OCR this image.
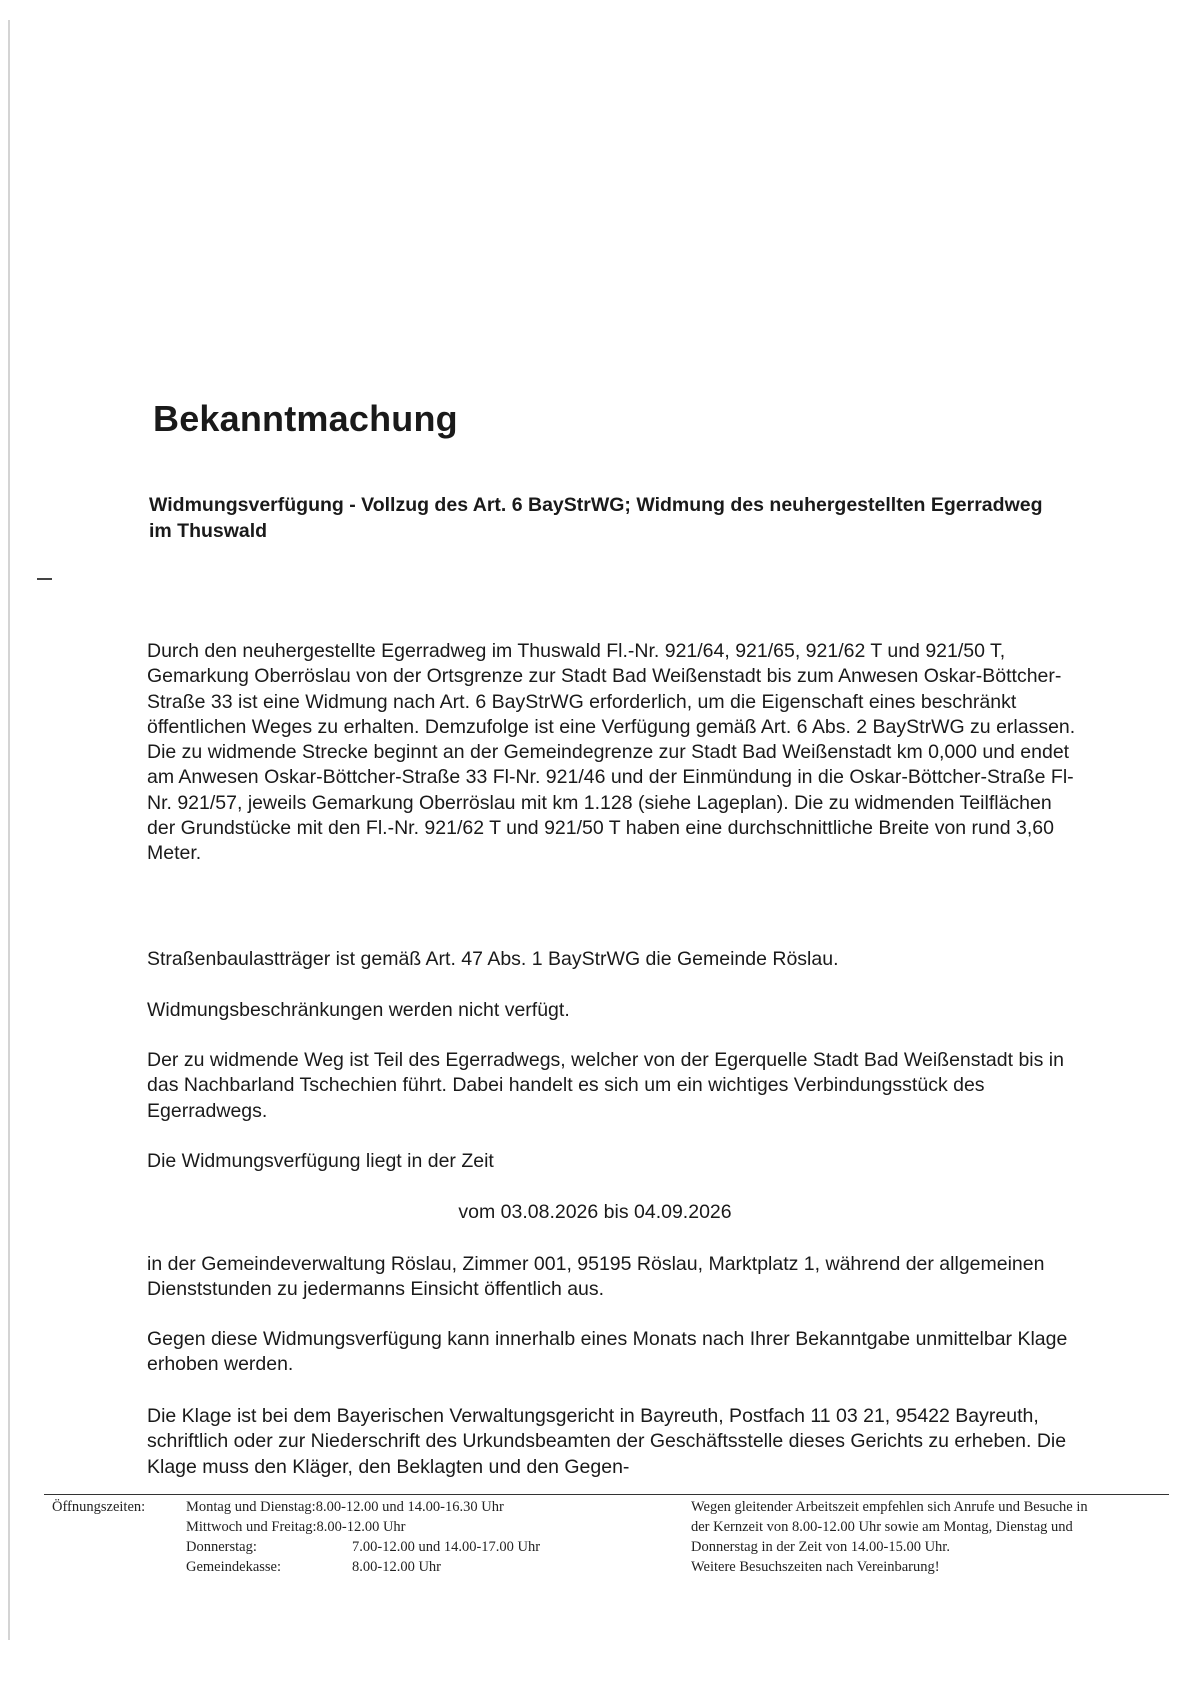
Bekanntmachung

Widmungsverfügung - Vollzug des Art. 6 BayStrWG; Widmung des neuhergestellten Egerradweg im Thuswald

Durch den neuhergestellte Egerradweg im Thuswald Fl.-Nr. 921/64, 921/65, 921/62 T und 921/50 T, Gemarkung Oberröslau von der Ortsgrenze zur Stadt Bad Weißenstadt bis zum Anwesen Oskar-Böttcher-Straße 33 ist eine Widmung nach Art. 6 BayStrWG erforderlich, um die Eigenschaft eines beschränkt öffentlichen Weges zu erhalten. Demzufolge ist eine Verfügung gemäß Art. 6 Abs. 2 BayStrWG zu erlassen. Die zu widmende Strecke beginnt an der Gemeindegrenze zur Stadt Bad Weißenstadt km 0,000 und endet am Anwesen Oskar-Böttcher-Straße 33 Fl-Nr. 921/46 und der Einmündung in die Oskar-Böttcher-Straße Fl-Nr. 921/57, jeweils Gemarkung Oberröslau mit km 1.128 (siehe Lageplan). Die zu widmenden Teilflächen der Grundstücke mit den Fl.-Nr. 921/62 T und 921/50 T haben eine durchschnittliche Breite von rund 3,60 Meter.

Straßenbaulastträger ist gemäß Art. 47 Abs. 1 BayStrWG die Gemeinde Röslau.

Widmungsbeschränkungen werden nicht verfügt.

Der zu widmende Weg ist Teil des Egerradwegs, welcher von der Egerquelle Stadt Bad Weißenstadt bis in das Nachbarland Tschechien führt. Dabei handelt es sich um ein wichtiges Verbindungsstück des Egerradwegs.

Die Widmungsverfügung liegt in der Zeit

vom 03.08.2026 bis 04.09.2026

in der Gemeindeverwaltung Röslau, Zimmer 001, 95195 Röslau, Marktplatz 1, während der allgemeinen Dienststunden zu jedermanns Einsicht öffentlich aus.

Gegen diese Widmungsverfügung kann innerhalb eines Monats nach Ihrer Bekanntgabe unmittelbar Klage erhoben werden.

Die Klage ist bei dem Bayerischen Verwaltungsgericht in Bayreuth, Postfach 11 03 21, 95422 Bayreuth, schriftlich oder zur Niederschrift des Urkundsbeamten der Geschäftsstelle dieses Gerichts zu erheben. Die Klage muss den Kläger, den Beklagten und den Gegen-

Öffnungszeiten:	Montag und Dienstag:8.00-12.00 und 14.00-16.30 Uhr
Mittwoch und Freitag:8.00-12.00 Uhr
Donnerstag:	7.00-12.00 und 14.00-17.00 Uhr
Gemeindekasse:	8.00-12.00 Uhr
Wegen gleitender Arbeitszeit empfehlen sich Anrufe und Besuche in
der Kernzeit von 8.00-12.00 Uhr sowie am Montag, Dienstag und
Donnerstag in der Zeit von 14.00-15.00 Uhr.
Weitere Besuchszeiten nach Vereinbarung!
